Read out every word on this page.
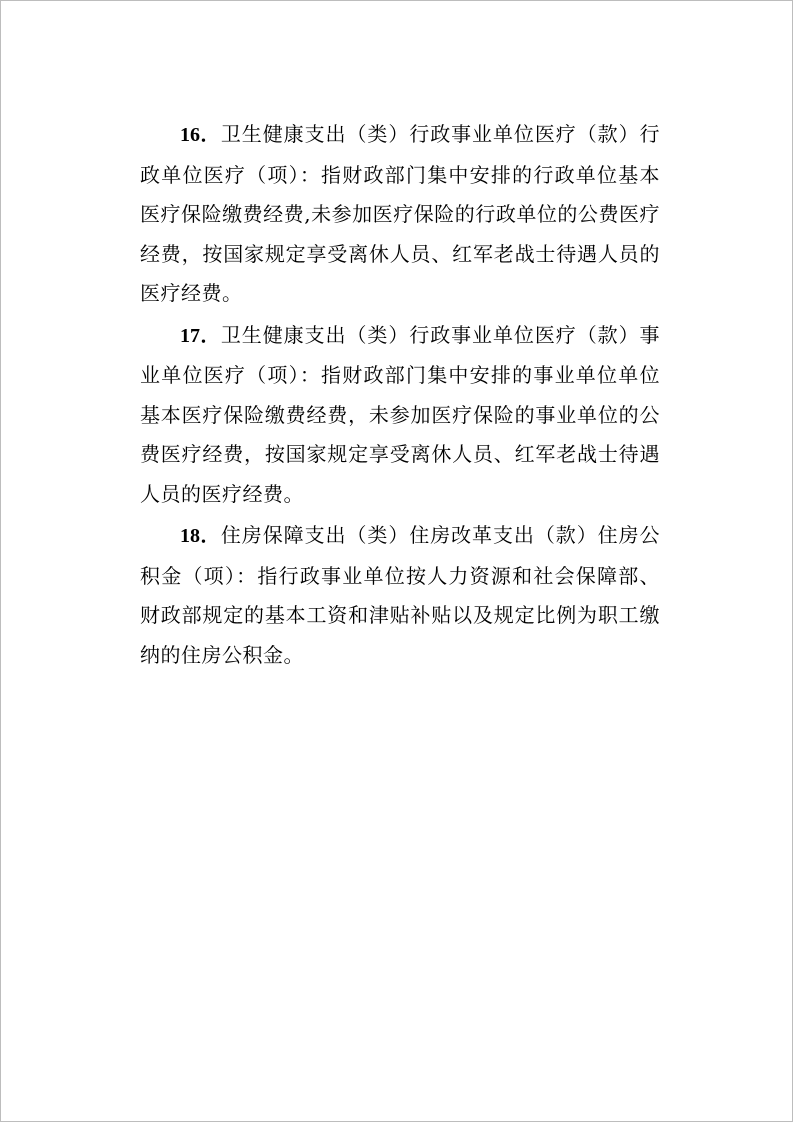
16．卫生健康支出（类）行政事业单位医疗（款）行政单位医疗（项）：指财政部门集中安排的行政单位基本医疗保险缴费经费,未参加医疗保险的行政单位的公费医疗经费，按国家规定享受离休人员、红军老战士待遇人员的医疗经费。

17．卫生健康支出（类）行政事业单位医疗（款）事业单位医疗（项）：指财政部门集中安排的事业单位单位基本医疗保险缴费经费，未参加医疗保险的事业单位的公费医疗经费，按国家规定享受离休人员、红军老战士待遇人员的医疗经费。

18．住房保障支出（类）住房改革支出（款）住房公积金（项）：指行政事业单位按人力资源和社会保障部、财政部规定的基本工资和津贴补贴以及规定比例为职工缴纳的住房公积金。
